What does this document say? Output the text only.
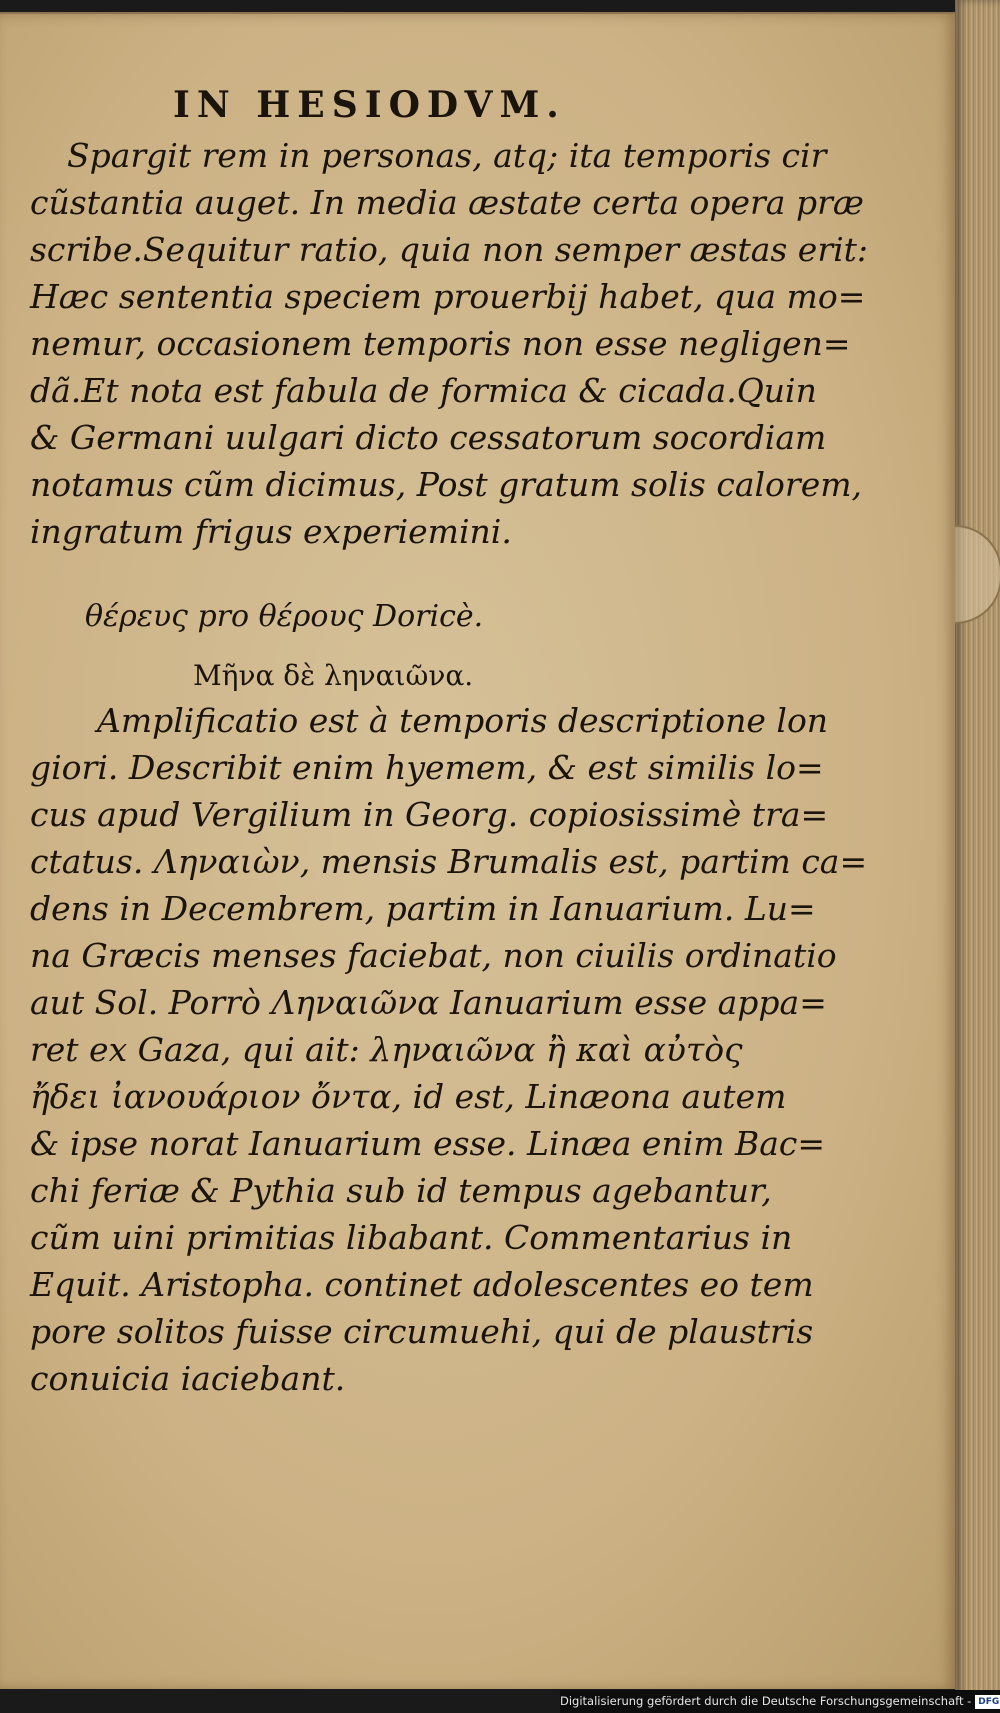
IN HESIODVM.
Spargit rem in personas, atq; ita temporis cir
cũstantia auget. In media æstate certa opera præ
scribe.Sequitur ratio, quia non semper æstas erit:
Hæc sententia speciem prouerbij habet, qua mo=
nemur, occasionem temporis non esse negligen=
dã.Et nota est fabula de formica & cicada.Quin
& Germani uulgari dicto cessatorum socordiam
notamus cũm dicimus, Post gratum solis calorem,
ingratum frigus experiemini.
θέρευς pro θέρους Doricè.
Μῆνα δὲ ληναιῶνα.
Amplificatio est à temporis descriptione lon
giori. Describit enim hyemem, & est similis lo=
cus apud Vergilium in Georg. copiosissimè tra=
ctatus. Ληναιὼν, mensis Brumalis est, partim ca=
dens in Decembrem, partim in Ianuarium. Lu=
na Græcis menses faciebat, non ciuilis ordinatio
aut Sol. Porrò Ληναιῶνα Ianuarium esse appa=
ret ex Gaza, qui ait: ληναιῶνα ἢ καὶ αὐτὸς
ἤδει ἰανουάριον ὄντα, id est, Linæona autem
& ipse norat Ianuarium esse. Linæa enim Bac=
chi feriæ & Pythia sub id tempus agebantur,
cũm uini primitias libabant. Commentarius in
Equit. Aristopha. continet adolescentes eo tem
pore solitos fuisse circumuehi, qui de plaustris
conuicia iaciebant.
Digitalisierung gefördert durch die Deutsche Forschungsgemeinschaft - DFG
